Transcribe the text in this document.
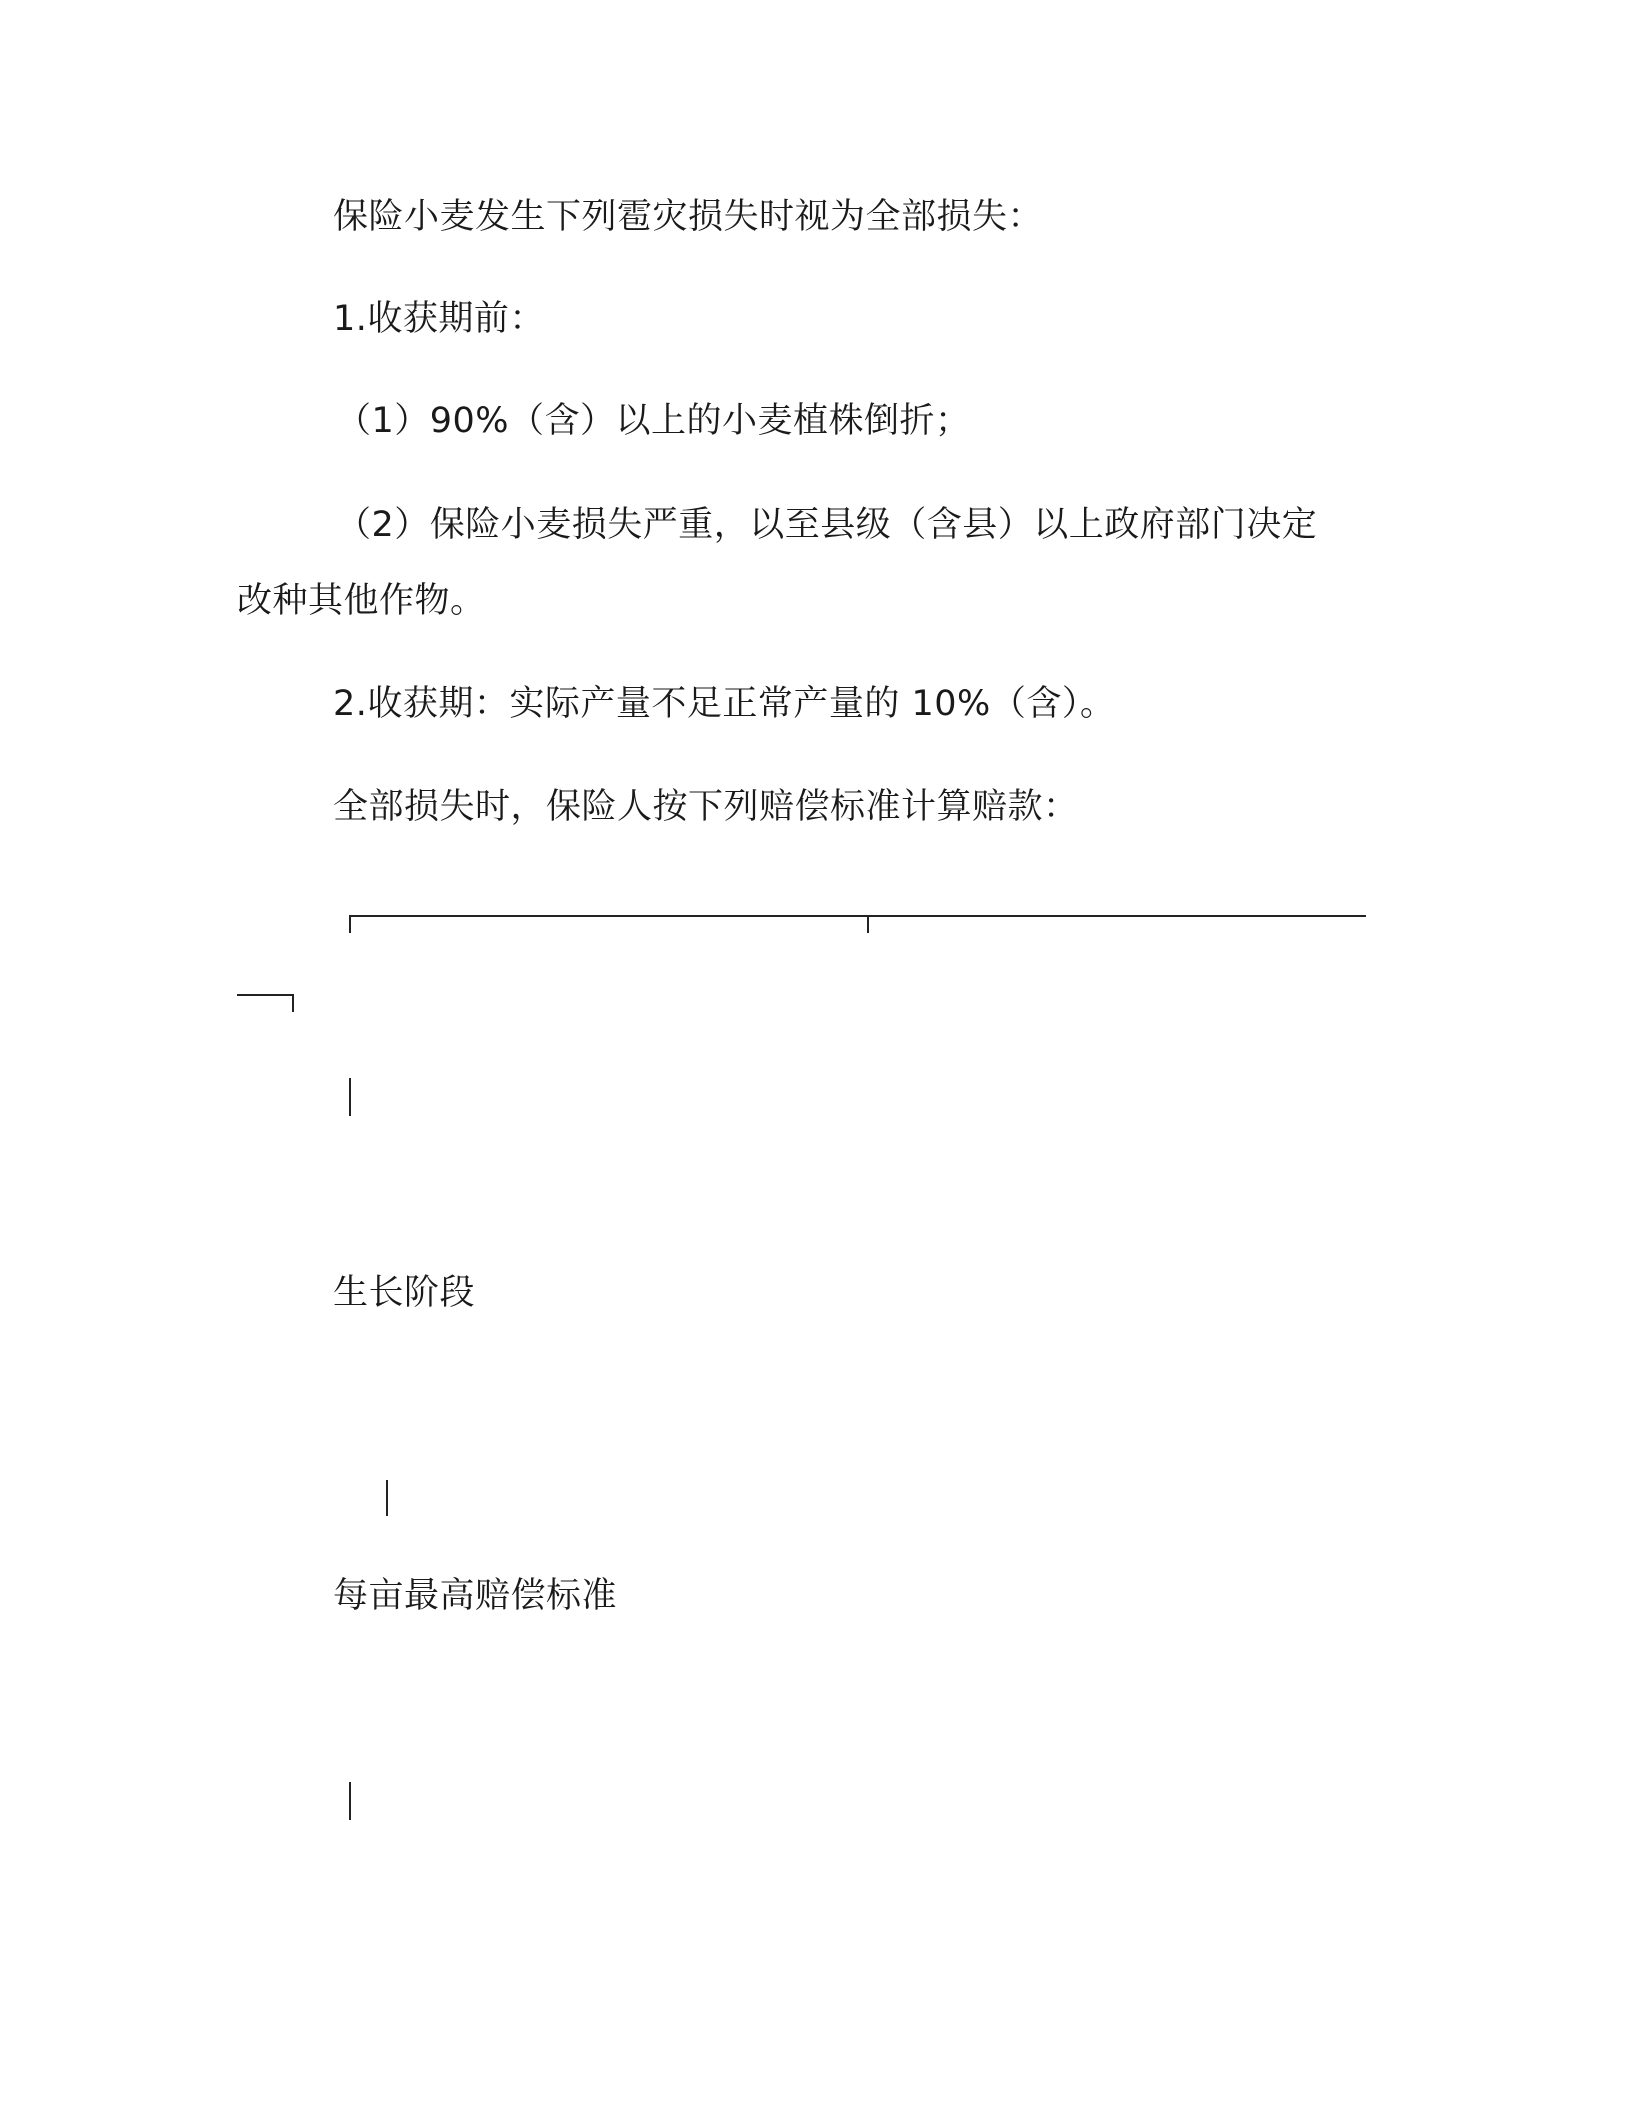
保险小麦发生下列雹灾损失时视为全部损失：
1.收获期前：
（1）90%（含）以上的小麦植株倒折；
（2）保险小麦损失严重，以至县级（含县）以上政府部门决定
改种其他作物。
2.收获期：实际产量不足正常产量的 10%（含）。
全部损失时，保险人按下列赔偿标准计算赔款：
生长阶段
每亩最高赔偿标准
